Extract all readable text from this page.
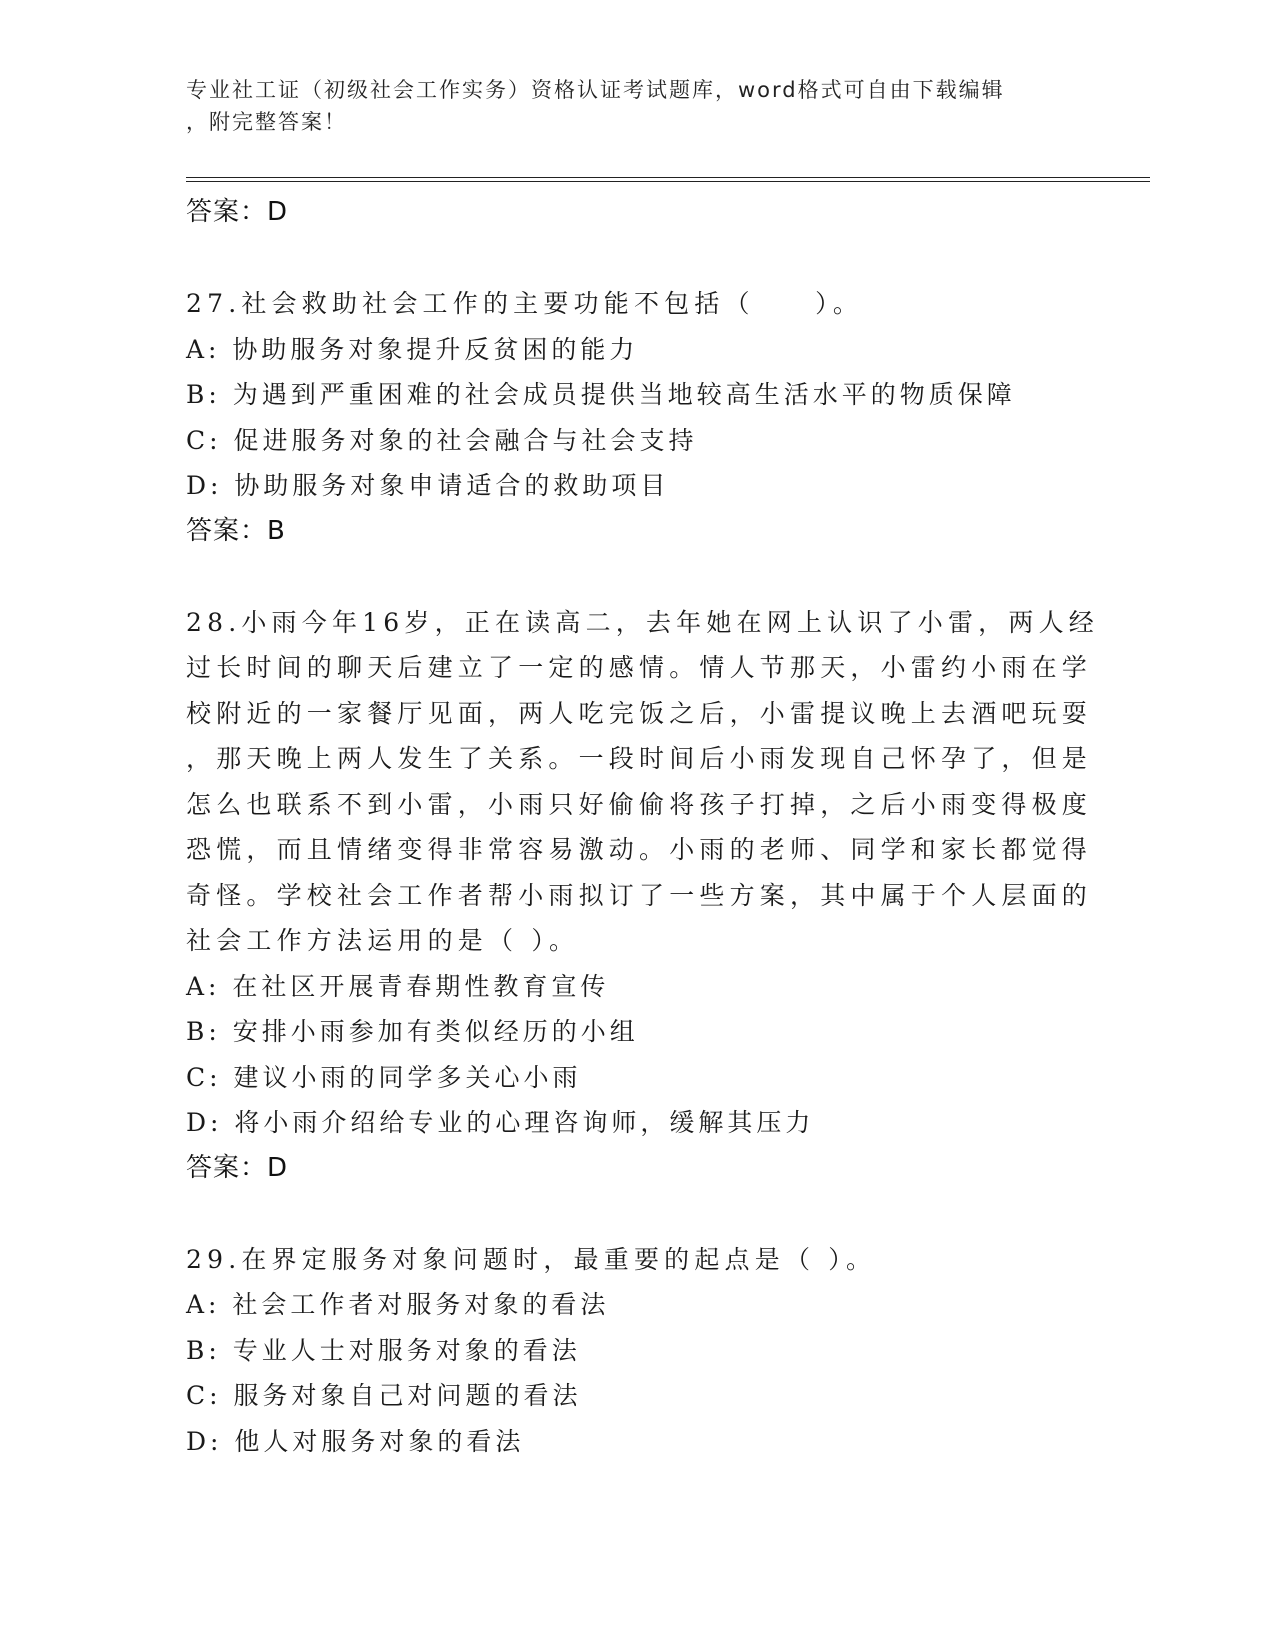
专业社工证（初级社会工作实务）资格认证考试题库，word格式可自由下载编辑
，附完整答案！
答案：D
27.社会救助社会工作的主要功能不包括（　　）。
A: 协助服务对象提升反贫困的能力
B: 为遇到严重困难的社会成员提供当地较高生活水平的物质保障
C: 促进服务对象的社会融合与社会支持
D: 协助服务对象申请适合的救助项目
答案：B
28.小雨今年16岁，正在读高二，去年她在网上认识了小雷，两人经
过长时间的聊天后建立了一定的感情。情人节那天，小雷约小雨在学
校附近的一家餐厅见面，两人吃完饭之后，小雷提议晚上去酒吧玩耍
，那天晚上两人发生了关系。一段时间后小雨发现自己怀孕了，但是
怎么也联系不到小雷，小雨只好偷偷将孩子打掉，之后小雨变得极度
恐慌，而且情绪变得非常容易激动。小雨的老师、同学和家长都觉得
奇怪。学校社会工作者帮小雨拟订了一些方案，其中属于个人层面的
社会工作方法运用的是（ ）。
A: 在社区开展青春期性教育宣传
B: 安排小雨参加有类似经历的小组
C: 建议小雨的同学多关心小雨
D: 将小雨介绍给专业的心理咨询师，缓解其压力
答案：D
29.在界定服务对象问题时，最重要的起点是（ ）。
A: 社会工作者对服务对象的看法
B: 专业人士对服务对象的看法
C: 服务对象自己对问题的看法
D: 他人对服务对象的看法
